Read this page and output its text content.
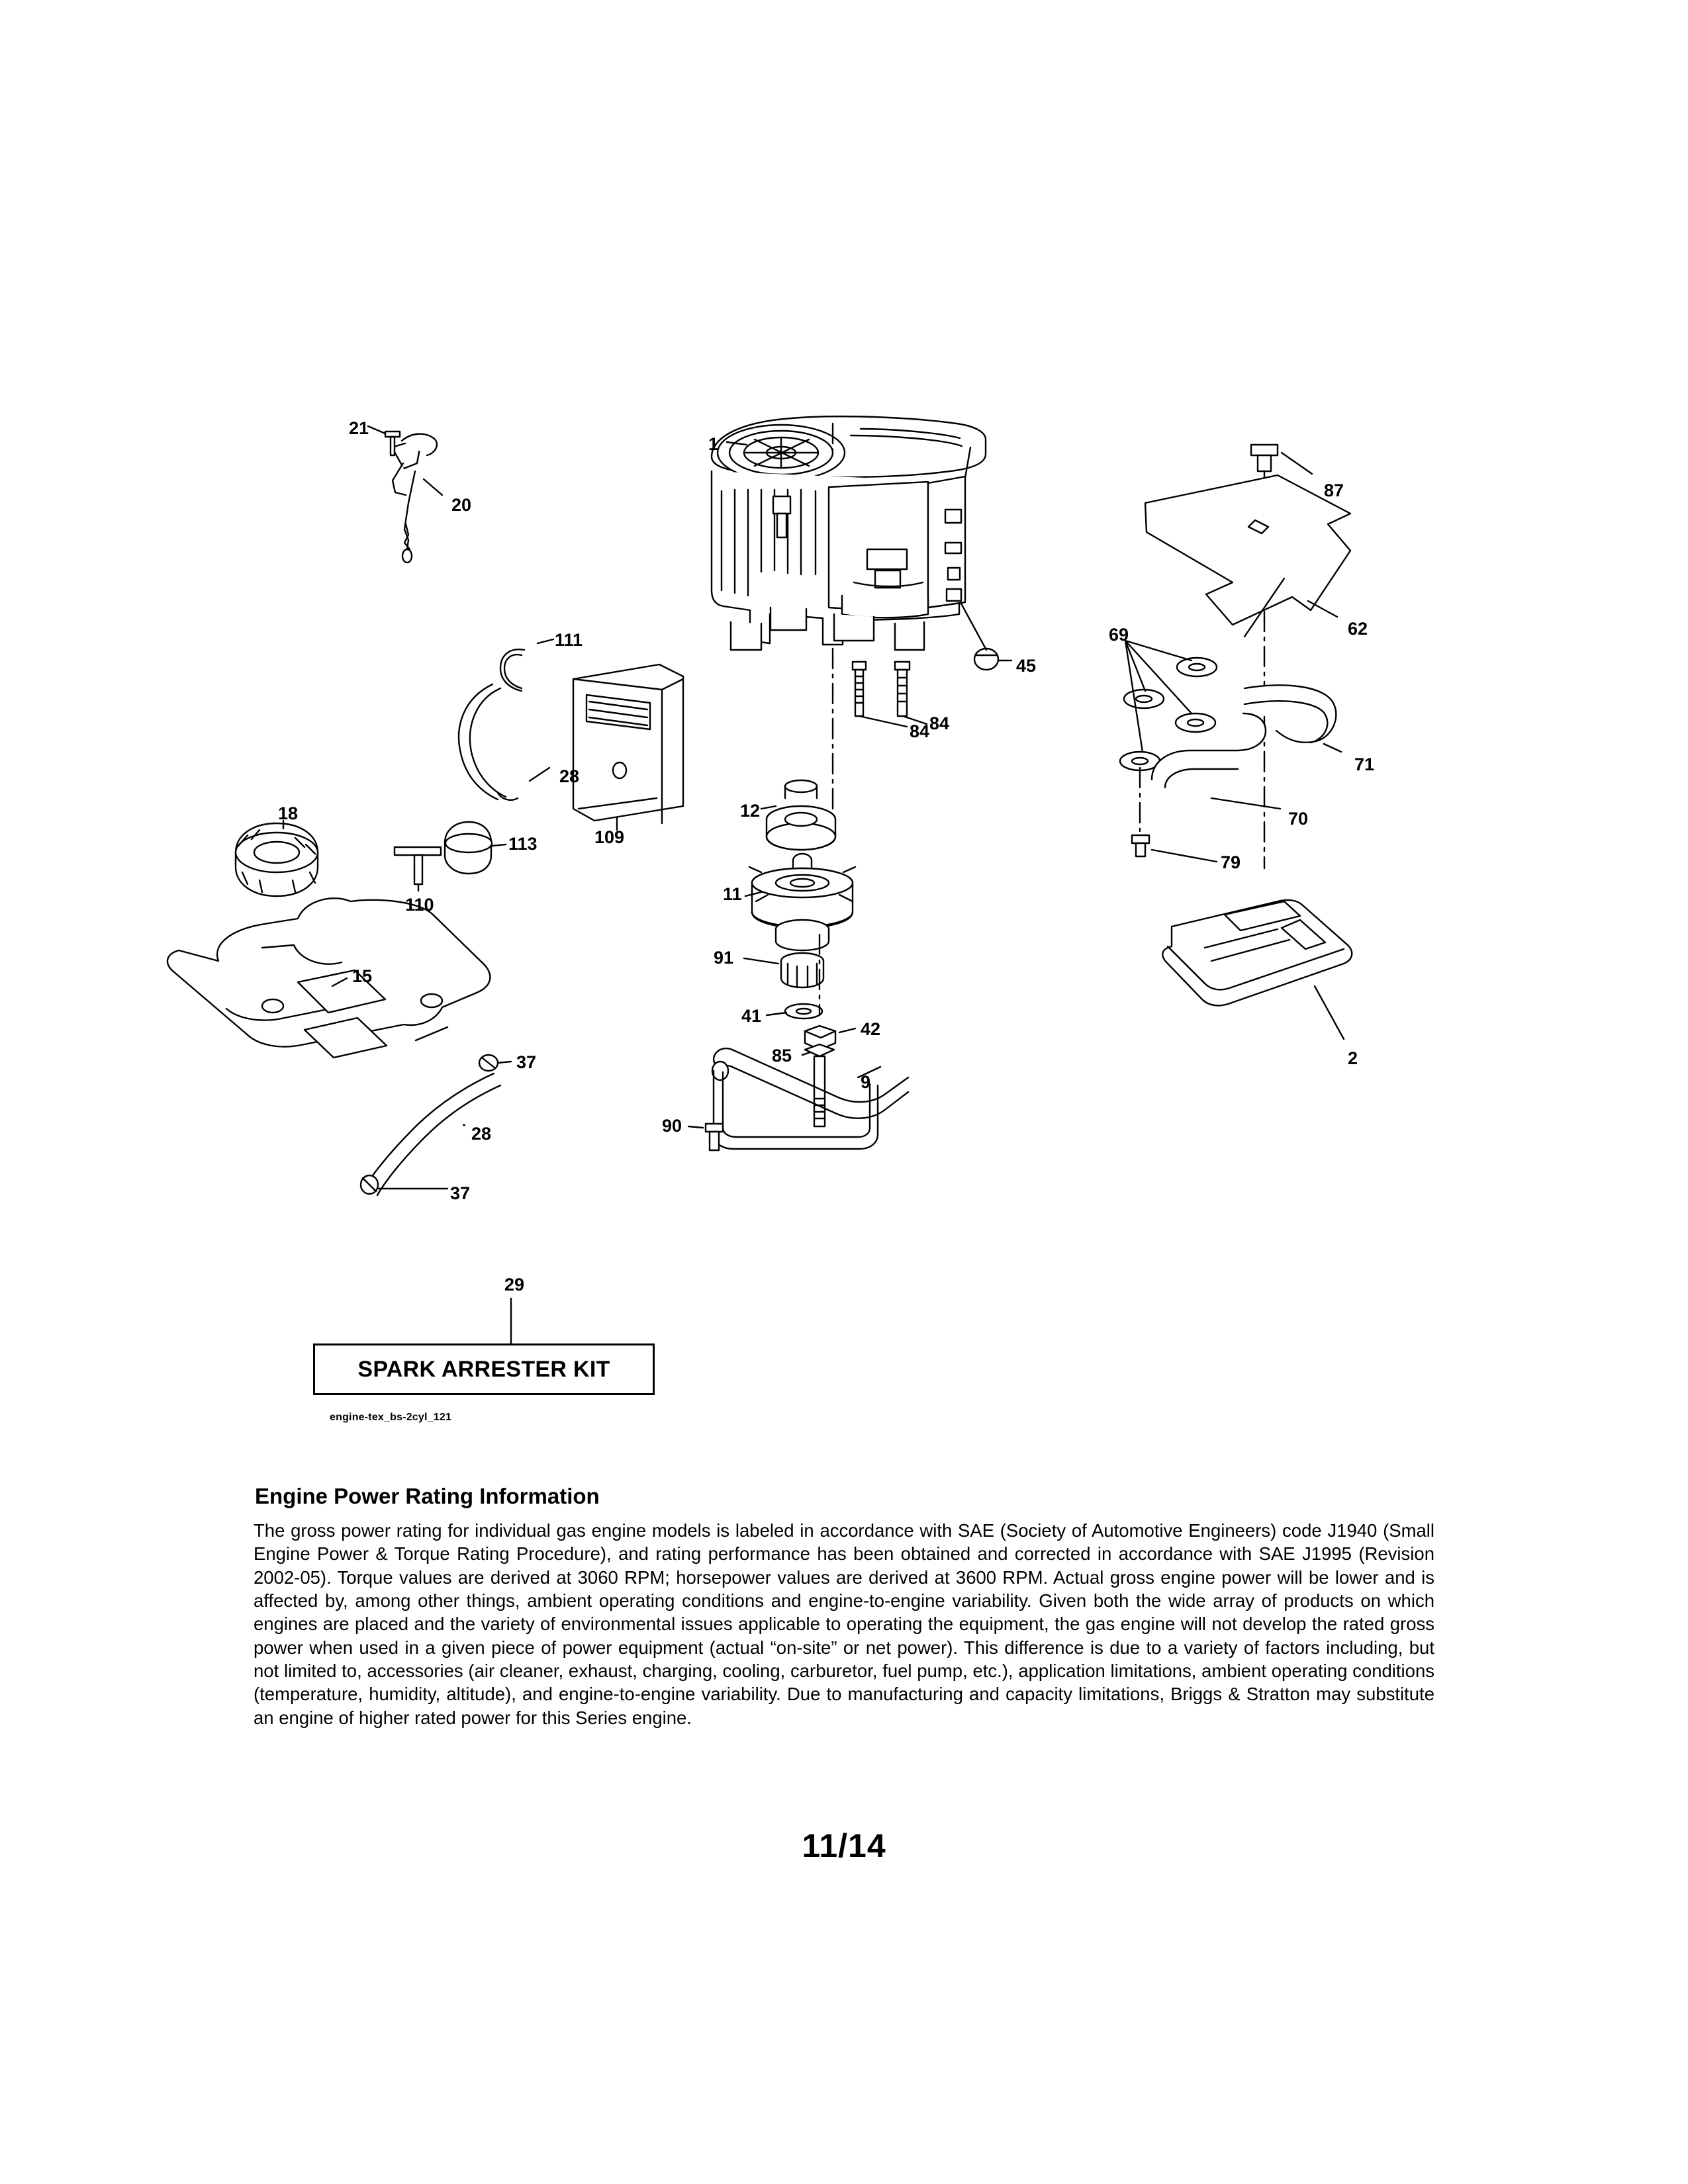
21
20
1
87
62
45
69
111
84 84
71
28
70
109
12
113
18
110
11
79
15
91
41
42
85
37
9
2
28	90
37
29
SPARK ARRESTER KIT
engine-tex_bs-2cyl_121
Engine Power Rating Information
The gross power rating for individual gas engine models is labeled in accordance with SAE (Society of Automotive Engineers) code J1940 (Small Engine Power & Torque Rating Procedure), and rating performance has been obtained and corrected in accordance with SAE J1995 (Revision 2002-05). Torque values are derived at 3060 RPM; horsepower values are derived at 3600 RPM. Actual gross engine power will be lower and is affected by, among other things, ambient operating conditions and engine-to-engine variability. Given both the wide array of products on which engines are placed and the variety of environmental issues applicable to operating the equipment, the gas engine will not develop the rated gross power when used in a given piece of power equipment (actual “on-site” or net power). This difference is due to a variety of factors including, but not limited to, accessories (air cleaner, exhaust, charging, cooling, carburetor, fuel pump, etc.), application limitations, ambient operating conditions (temperature, humidity, altitude), and engine-to-engine variability. Due to manufacturing and capacity limitations, Briggs & Stratton may substitute an engine of higher rated power for this Series engine.
11/14
